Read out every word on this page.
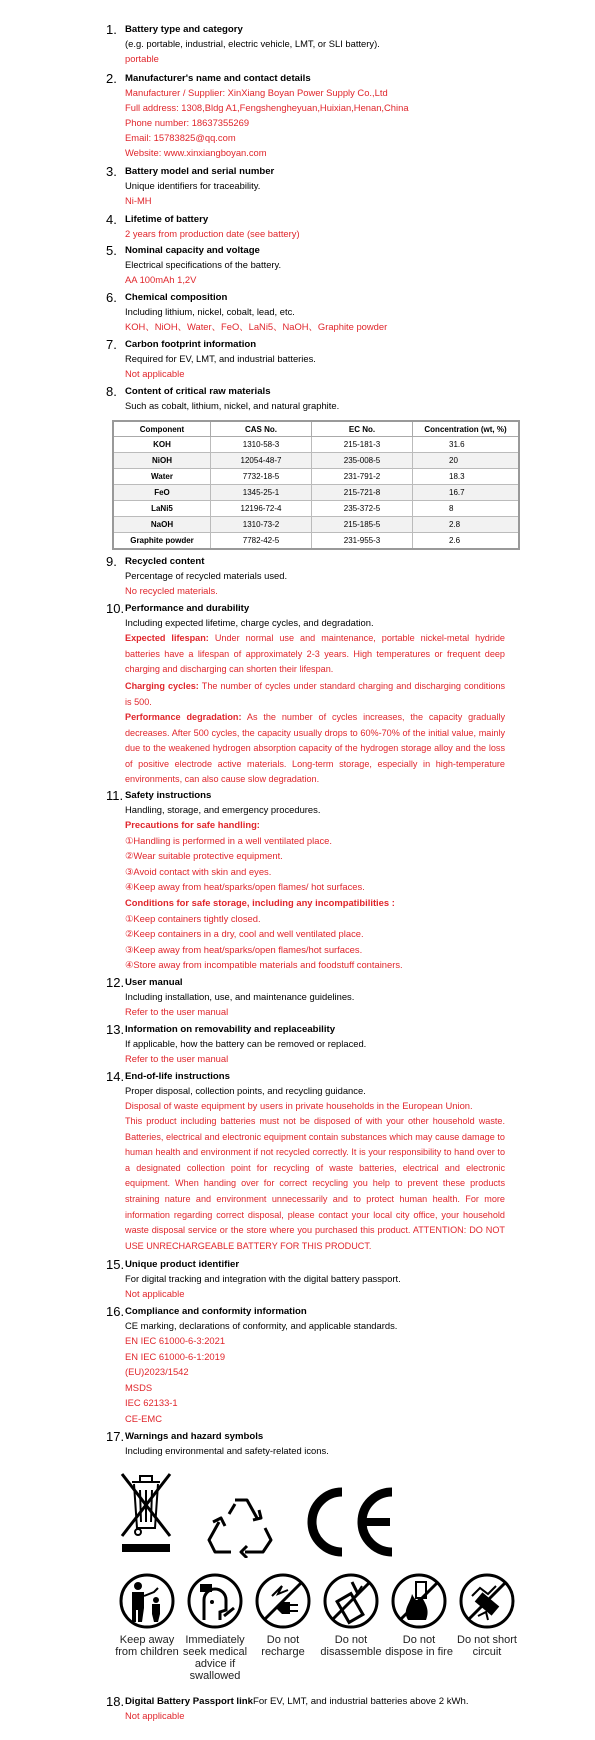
1. Battery type and category
(e.g. portable, industrial, electric vehicle, LMT, or SLI battery).
portable
2. Manufacturer's name and contact details
Manufacturer / Supplier: XinXiang Boyan Power Supply Co.,Ltd
Full address: 1308,Bldg A1,Fengshengheyuan,Huixian,Henan,China
Phone number: 18637355269
Email: 15783825@qq.com
Website: www.xinxiangboyan.com
3. Battery model and serial number
Unique identifiers for traceability.
Ni-MH
4. Lifetime of battery
2 years from production date (see battery)
5. Nominal capacity and voltage
Electrical specifications of the battery.
AA 100mAh 1,2V
6. Chemical composition
Including lithium, nickel, cobalt, lead, etc.
KOH、NiOH、Water、FeO、LaNi5、NaOH、Graphite powder
7. Carbon footprint information
Required for EV, LMT, and industrial batteries.
Not applicable
8. Content of critical raw materials
Such as cobalt, lithium, nickel, and natural graphite.
Component	CAS No.	EC No.	Concentration (wt, %)
KOH	1310-58-3	215-181-3	31.6
NiOH	12054-48-7	235-008-5	20
Water	7732-18-5	231-791-2	18.3
FeO	1345-25-1	215-721-8	16.7
LaNi5	12196-72-4	235-372-5	8
NaOH	1310-73-2	215-185-5	2.8
Graphite powder	7782-42-5	231-955-3	2.6
9. Recycled content
Percentage of recycled materials used.
No recycled materials.
10. Performance and durability
Including expected lifetime, charge cycles, and degradation.
Expected lifespan: Under normal use and maintenance, portable nickel-metal hydride batteries have a lifespan of approximately 2-3 years. High temperatures or frequent deep charging and discharging can shorten their lifespan.
Charging cycles: The number of cycles under standard charging and discharging conditions is 500.
Performance degradation: As the number of cycles increases, the capacity gradually decreases. After 500 cycles, the capacity usually drops to 60%-70% of the initial value, mainly due to the weakened hydrogen absorption capacity of the hydrogen storage alloy and the loss of positive electrode active materials. Long-term storage, especially in high-temperature environments, can also cause slow degradation.
11. Safety instructions
Handling, storage, and emergency procedures.
Precautions for safe handling:
①Handling is performed in a well ventilated place.
②Wear suitable protective equipment.
③Avoid contact with skin and eyes.
④Keep away from heat/sparks/open flames/ hot surfaces.
Conditions for safe storage, including any incompatibilities :
①Keep containers tightly closed.
②Keep containers in a dry, cool and well ventilated place.
③Keep away from heat/sparks/open flames/hot surfaces.
④Store away from incompatible materials and foodstuff containers.
12. User manual
Including installation, use, and maintenance guidelines.
Refer to the user manual
13. Information on removability and replaceability
If applicable, how the battery can be removed or replaced.
Refer to the user manual
14. End-of-life instructions
Proper disposal, collection points, and recycling guidance.
Disposal of waste equipment by users in private households in the European Union.
This product including batteries must not be disposed of with your other household waste. Batteries, electrical and electronic equipment contain substances which may cause damage to human health and environment if not recycled correctly. It is your responsibility to hand over to a designated collection point for recycling of waste batteries, electrical and electronic equipment. When handing over for correct recycling you help to prevent these products straining nature and environment unnecessarily and to protect human health. For more information regarding correct disposal, please contact your local city office, your household waste disposal service or the store where you purchased this product. ATTENTION: DO NOT USE UNRECHARGEABLE BATTERY FOR THIS PRODUCT.
15. Unique product identifier
For digital tracking and integration with the digital battery passport.
Not applicable
16. Compliance and conformity information
CE marking, declarations of conformity, and applicable standards.
EN IEC 61000-6-3:2021
EN IEC 61000-6-1:2019
(EU)2023/1542
MSDS
IEC 62133-1
CE-EMC
17. Warnings and hazard symbols
Including environmental and safety-related icons.
Keep away from children
Immediately seek medical advice if swallowed
Do not recharge
Do not disassemble
Do not dispose in fire
Do not short circuit
18. Digital Battery Passport linkFor EV, LMT, and industrial batteries above 2 kWh.
Not applicable
